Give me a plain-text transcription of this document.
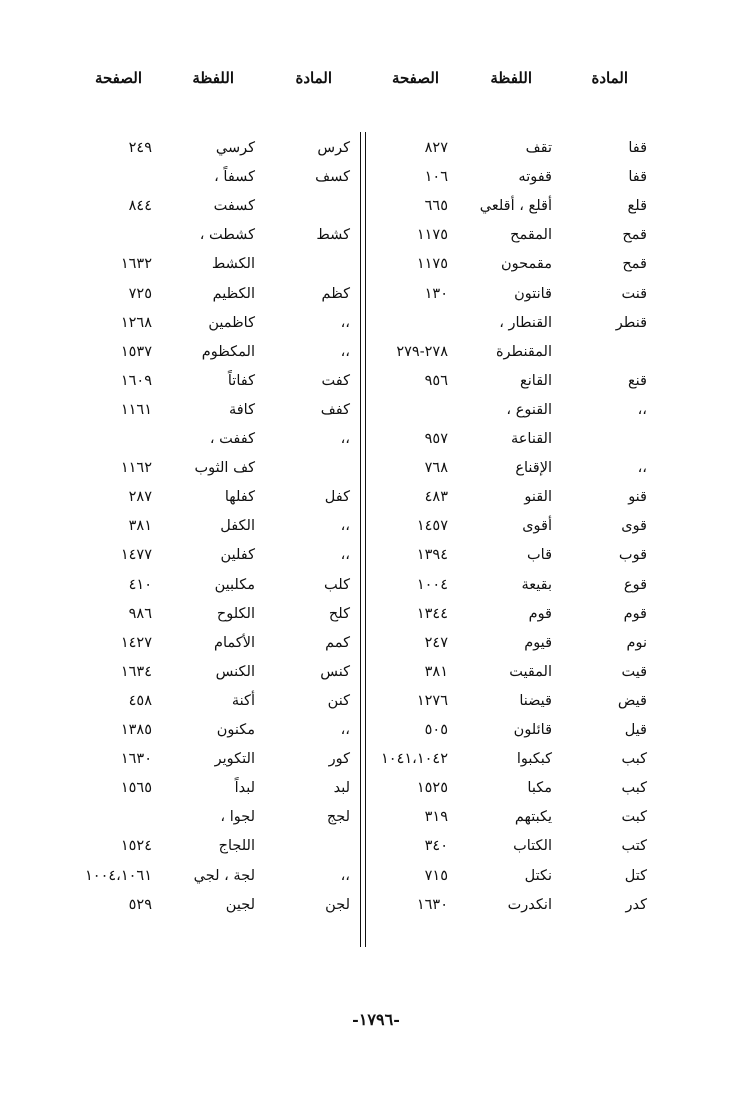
المادة
اللفظة
الصفحة
المادة
اللفظة
الصفحة
قفا
تقف
٨٢٧
قفا
قفوته
١٠٦
قلع
أقلع ، أقلعي
٦٦٥
قمح
المقمح
١١٧٥
قمح
مقمحون
١١٧٥
قنت
قانتون
١٣٠
قنطر
القنطار ،
المقنطرة
٢٧٨-٢٧٩
قنع
القانع
٩٥٦
،،
القنوع ،
القناعة
٩٥٧
،،
الإقناع
٧٦٨
قنو
القنو
٤٨٣
قوى
أقوى
١٤٥٧
قوب
قاب
١٣٩٤
قوع
بقيعة
١٠٠٤
قوم
قوم
١٣٤٤
نوم
قيوم
٢٤٧
قيت
المقيت
٣٨١
قيض
قيضنا
١٢٧٦
قيل
قائلون
٥٠٥
كبب
كبكبوا
١٠٤١،١٠٤٢
كبب
مكبا
١٥٢٥
كبت
يكبتهم
٣١٩
كتب
الكتاب
٣٤٠
كتل
نكتل
٧١٥
كدر
انكدرت
١٦٣٠
كرس
كرسي
٢٤٩
كسف
كسفاً ،
كسفت
٨٤٤
كشط
كشطت ،
الكشط
١٦٣٢
كظم
الكظيم
٧٢٥
،،
كاظمين
١٢٦٨
،،
المكظوم
١٥٣٧
كفت
كفاتاً
١٦٠٩
كفف
كافة
١١٦١
،،
كففت ،
كف الثوب
١١٦٢
كفل
كفلها
٢٨٧
،،
الكفل
٣٨١
،،
كفلين
١٤٧٧
كلب
مكلبين
٤١٠
كلح
الكلوح
٩٨٦
كمم
الأكمام
١٤٢٧
كنس
الكنس
١٦٣٤
كنن
أكنة
٤٥٨
،،
مكنون
١٣٨٥
كور
التكوير
١٦٣٠
لبد
لبداً
١٥٦٥
لجج
لجوا ،
اللجاج
١٥٢٤
،،
لجة ، لجي
١٠٠٤،١٠٦١
لجن
لجين
٥٢٩
-١٧٩٦-
